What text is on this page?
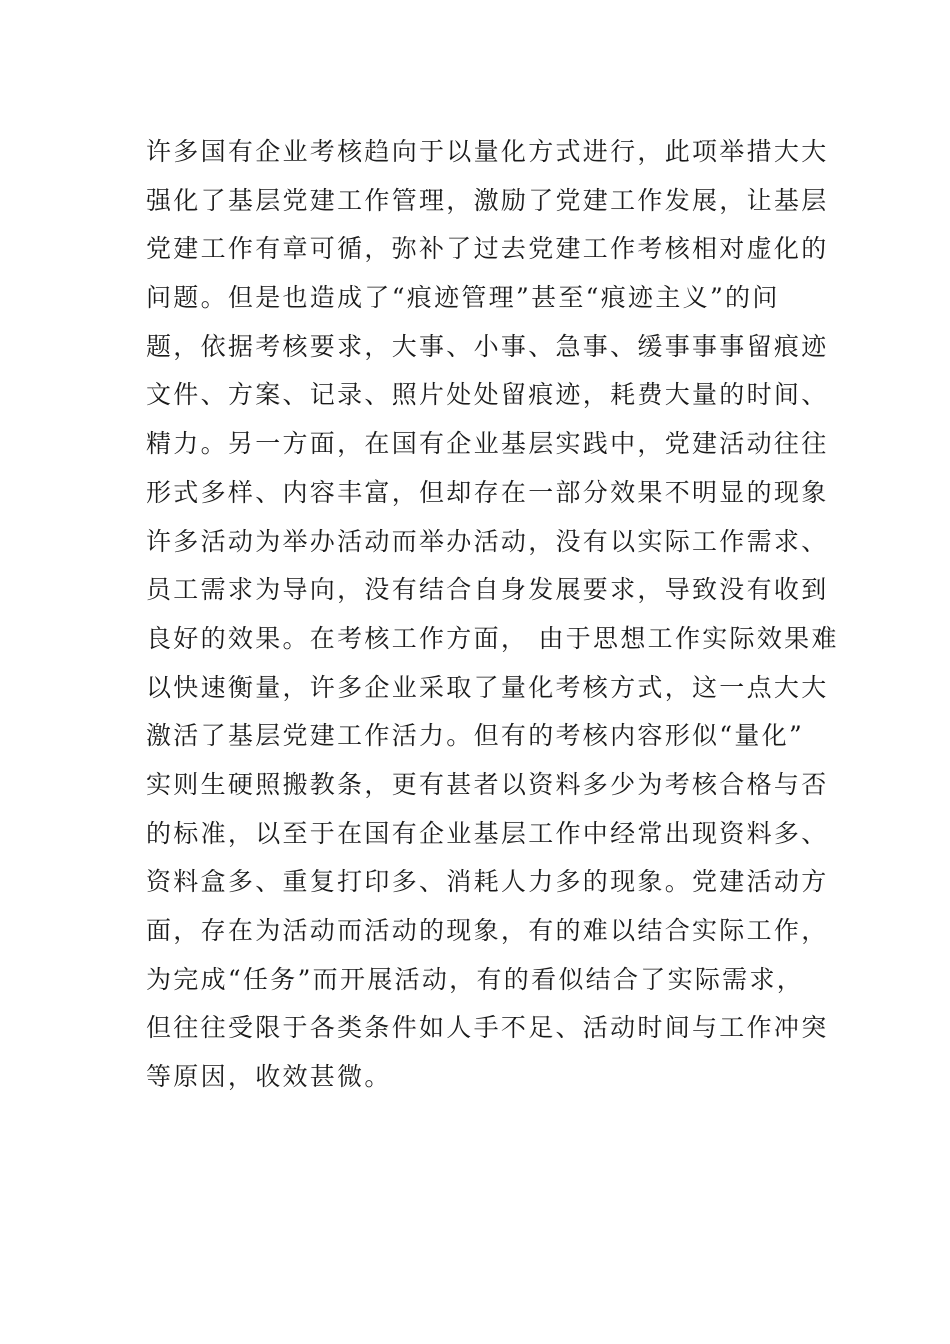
许多国有企业考核趋向于以量化方式进行，此项举措大大
强化了基层党建工作管理，激励了党建工作发展，让基层
党建工作有章可循，弥补了过去党建工作考核相对虚化的
问题。但是也造成了“痕迹管理”甚至“痕迹主义”的问
题，依据考核要求，大事、小事、急事、缓事事事留痕迹
文件、方案、记录、照片处处留痕迹，耗费大量的时间、
精力。另一方面，在国有企业基层实践中，党建活动往往
形式多样、内容丰富，但却存在一部分效果不明显的现象
许多活动为举办活动而举办活动，没有以实际工作需求、
员工需求为导向，没有结合自身发展要求，导致没有收到
良好的效果。在考核工作方面， 由于思想工作实际效果难
以快速衡量，许多企业采取了量化考核方式，这一点大大
激活了基层党建工作活力。但有的考核内容形似“量化”
实则生硬照搬教条，更有甚者以资料多少为考核合格与否
的标准，以至于在国有企业基层工作中经常出现资料多、
资料盒多、重复打印多、消耗人力多的现象。党建活动方
面，存在为活动而活动的现象，有的难以结合实际工作，
为完成“任务”而开展活动，有的看似结合了实际需求，
但往往受限于各类条件如人手不足、活动时间与工作冲突
等原因，收效甚微。
